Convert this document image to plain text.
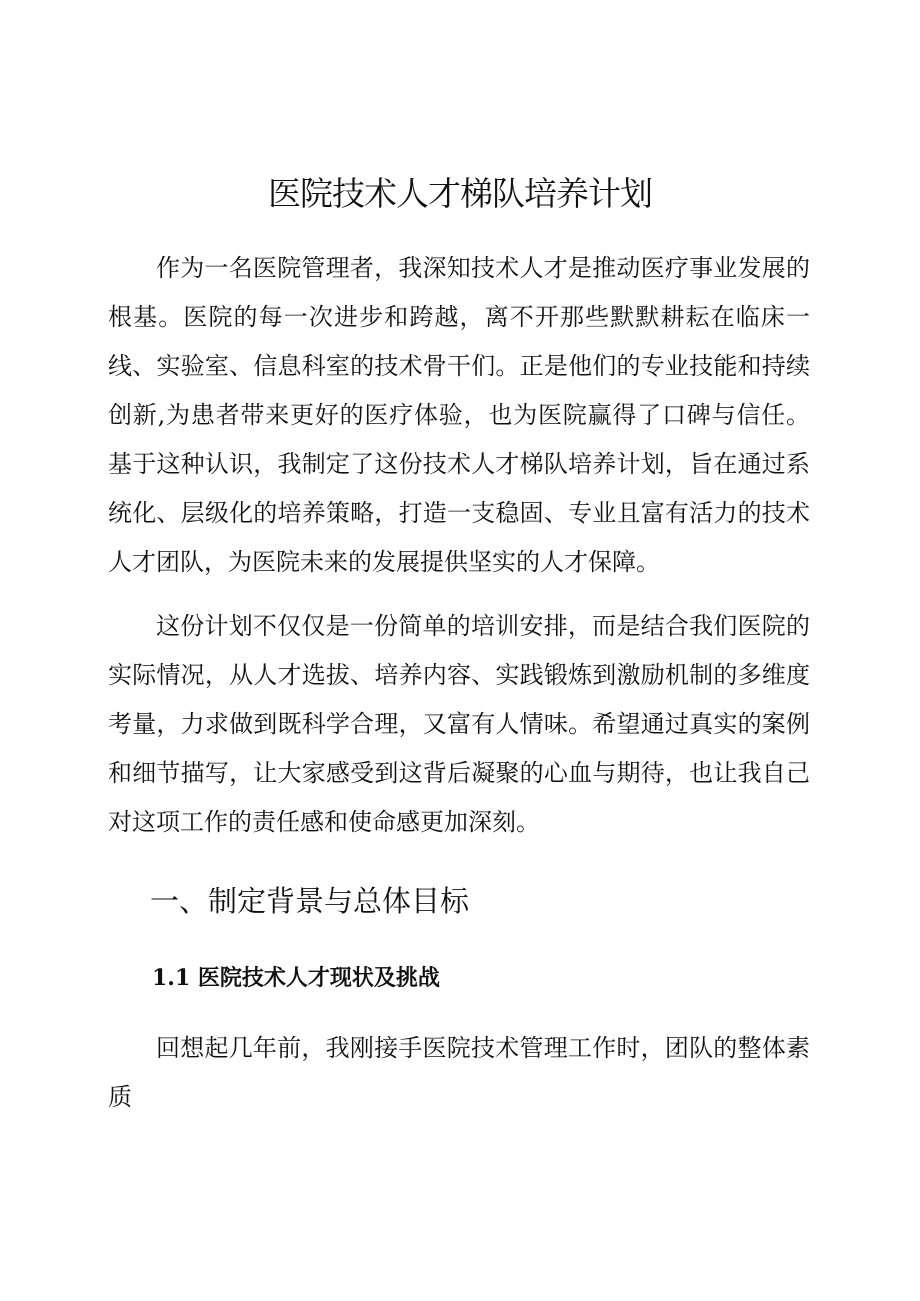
医院技术人才梯队培养计划

作为一名医院管理者，我深知技术人才是推动医疗事业发展的根基。医院的每一次进步和跨越，离不开那些默默耕耘在临床一线、实验室、信息科室的技术骨干们。正是他们的专业技能和持续创新,为患者带来更好的医疗体验，也为医院赢得了口碑与信任。基于这种认识，我制定了这份技术人才梯队培养计划，旨在通过系统化、层级化的培养策略，打造一支稳固、专业且富有活力的技术人才团队，为医院未来的发展提供坚实的人才保障。

这份计划不仅仅是一份简单的培训安排，而是结合我们医院的实际情况，从人才选拔、培养内容、实践锻炼到激励机制的多维度考量，力求做到既科学合理，又富有人情味。希望通过真实的案例和细节描写，让大家感受到这背后凝聚的心血与期待，也让我自己对这项工作的责任感和使命感更加深刻。

一、制定背景与总体目标
1.1 医院技术人才现状及挑战

回想起几年前，我刚接手医院技术管理工作时，团队的整体素质
